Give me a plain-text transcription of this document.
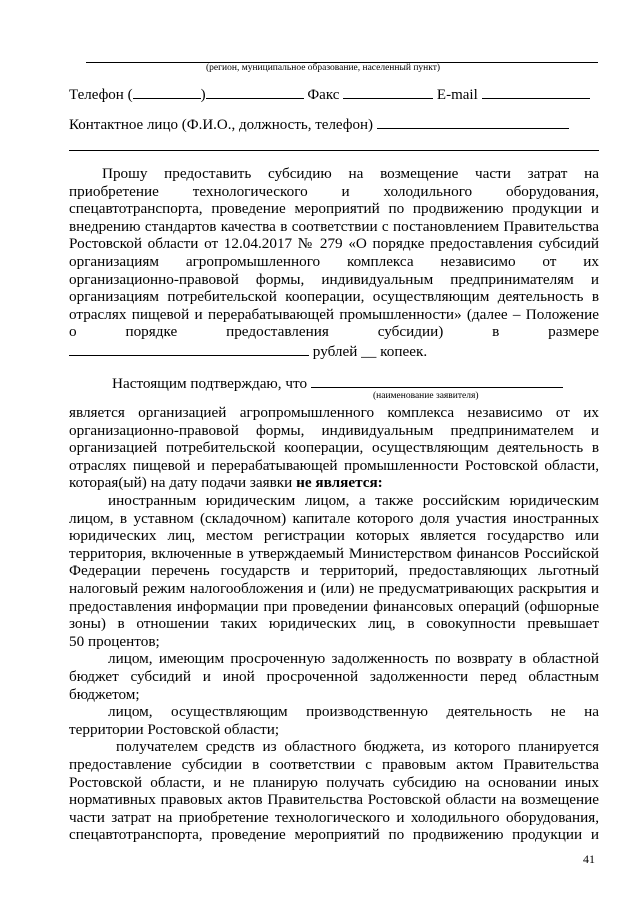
(регион, муниципальное образование, населенный пункт)
Телефон (	)	Факс	E-mail
Контактное лицо (Ф.И.О., должность, телефон)
Прошу предоставить субсидию на возмещение части затрат на
приобретение технологического и холодильного оборудования,
спецавтотранспорта, проведение мероприятий по продвижению продукции и
внедрению стандартов качества в соответствии с постановлением Правительства
Ростовской области от 12.04.2017 № 279 «О порядке предоставления субсидий
организациям агропромышленного комплекса независимо от их
организационно-правовой формы, индивидуальным предпринимателям и
организациям потребительской кооперации, осуществляющим деятельность в
отраслях пищевой и перерабатывающей промышленности» (далее – Положение
о порядке предоставления субсидии) в размере
рублей __ копеек.
Настоящим подтверждаю, что
(наименование заявителя)
является организацией агропромышленного комплекса независимо от их
организационно-правовой формы, индивидуальным предпринимателем и
организацией потребительской кооперации, осуществляющим деятельность в
отраслях пищевой и перерабатывающей промышленности Ростовской области,
которая(ый) на дату подачи заявки не является:
иностранным юридическим лицом, а также российским юридическим
лицом, в уставном (складочном) капитале которого доля участия иностранных
юридических лиц, местом регистрации которых является государство или
территория, включенные в утверждаемый Министерством финансов Российской
Федерации перечень государств и территорий, предоставляющих льготный
налоговый режим налогообложения и (или) не предусматривающих раскрытия и
предоставления информации при проведении финансовых операций (офшорные
зоны) в отношении таких юридических лиц, в совокупности превышает
50 процентов;
лицом, имеющим просроченную задолженность по возврату в областной
бюджет субсидий и иной просроченной задолженности перед областным
бюджетом;
лицом, осуществляющим производственную деятельность не на
территории Ростовской области;
получателем средств из областного бюджета, из которого планируется
предоставление субсидии в соответствии с правовым актом Правительства
Ростовской области, и не планирую получать субсидию на основании иных
нормативных правовых актов Правительства Ростовской области на возмещение
части затрат на приобретение технологического и холодильного оборудования,
спецавтотранспорта, проведение мероприятий по продвижению продукции и
41
